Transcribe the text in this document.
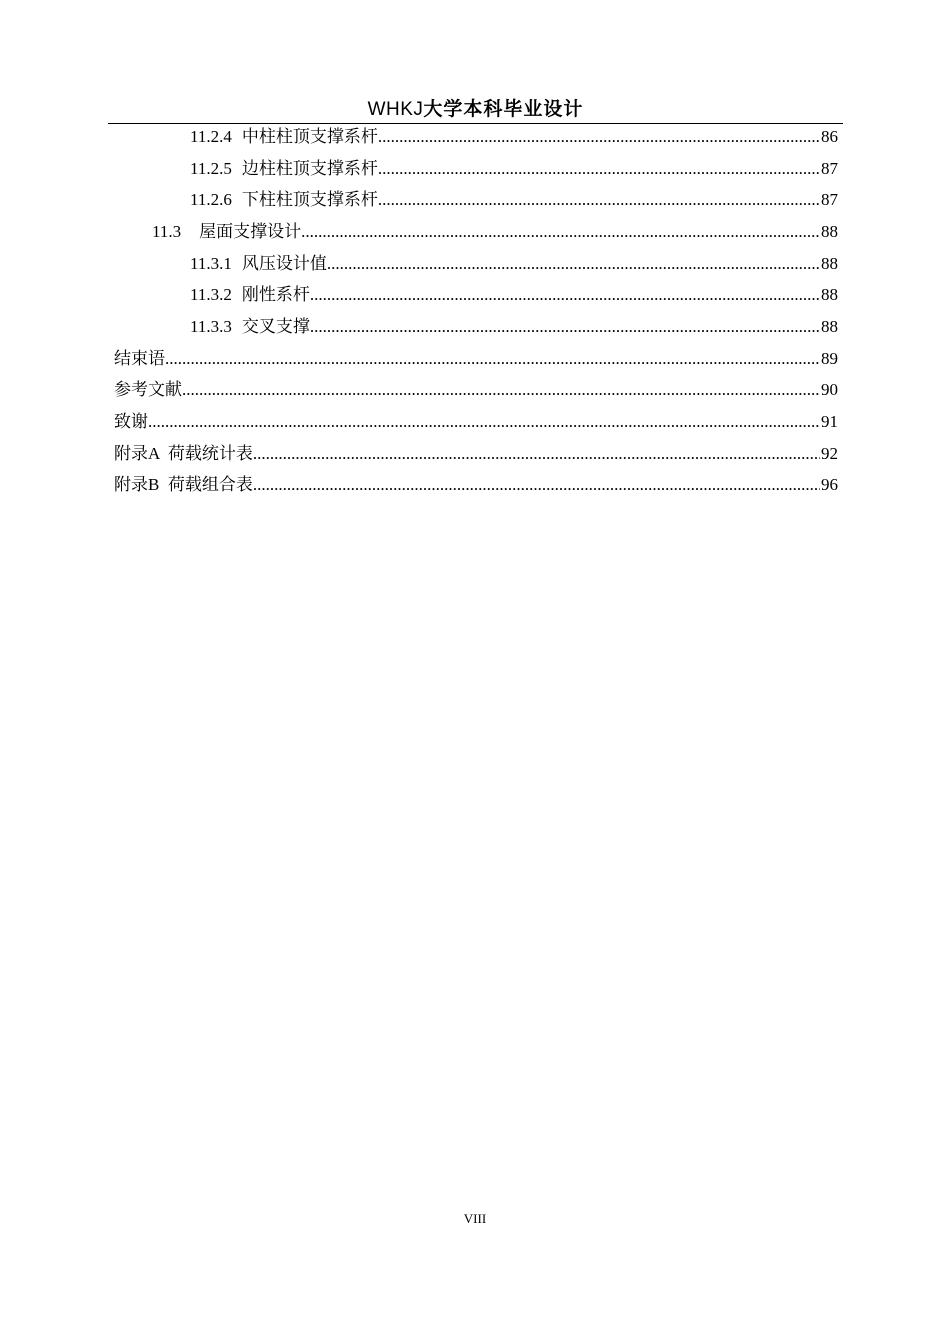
WHKJ大学本科毕业设计
11.2.4 中柱柱顶支撑系杆 .....	86
11.2.5 边柱柱顶支撑系杆 .....	87
11.2.6 下柱柱顶支撑系杆 .....	87
11.3 屋面支撑设计 .....	88
11.3.1 风压设计值 .....	88
11.3.2 刚性系杆 .....	88
11.3.3 交叉支撑 .....	88
结束语 .....	89
参考文献 .....	90
致谢 .....	91
附录A  荷载统计表 .....	92
附录B  荷载组合表 .....	96
VIII
